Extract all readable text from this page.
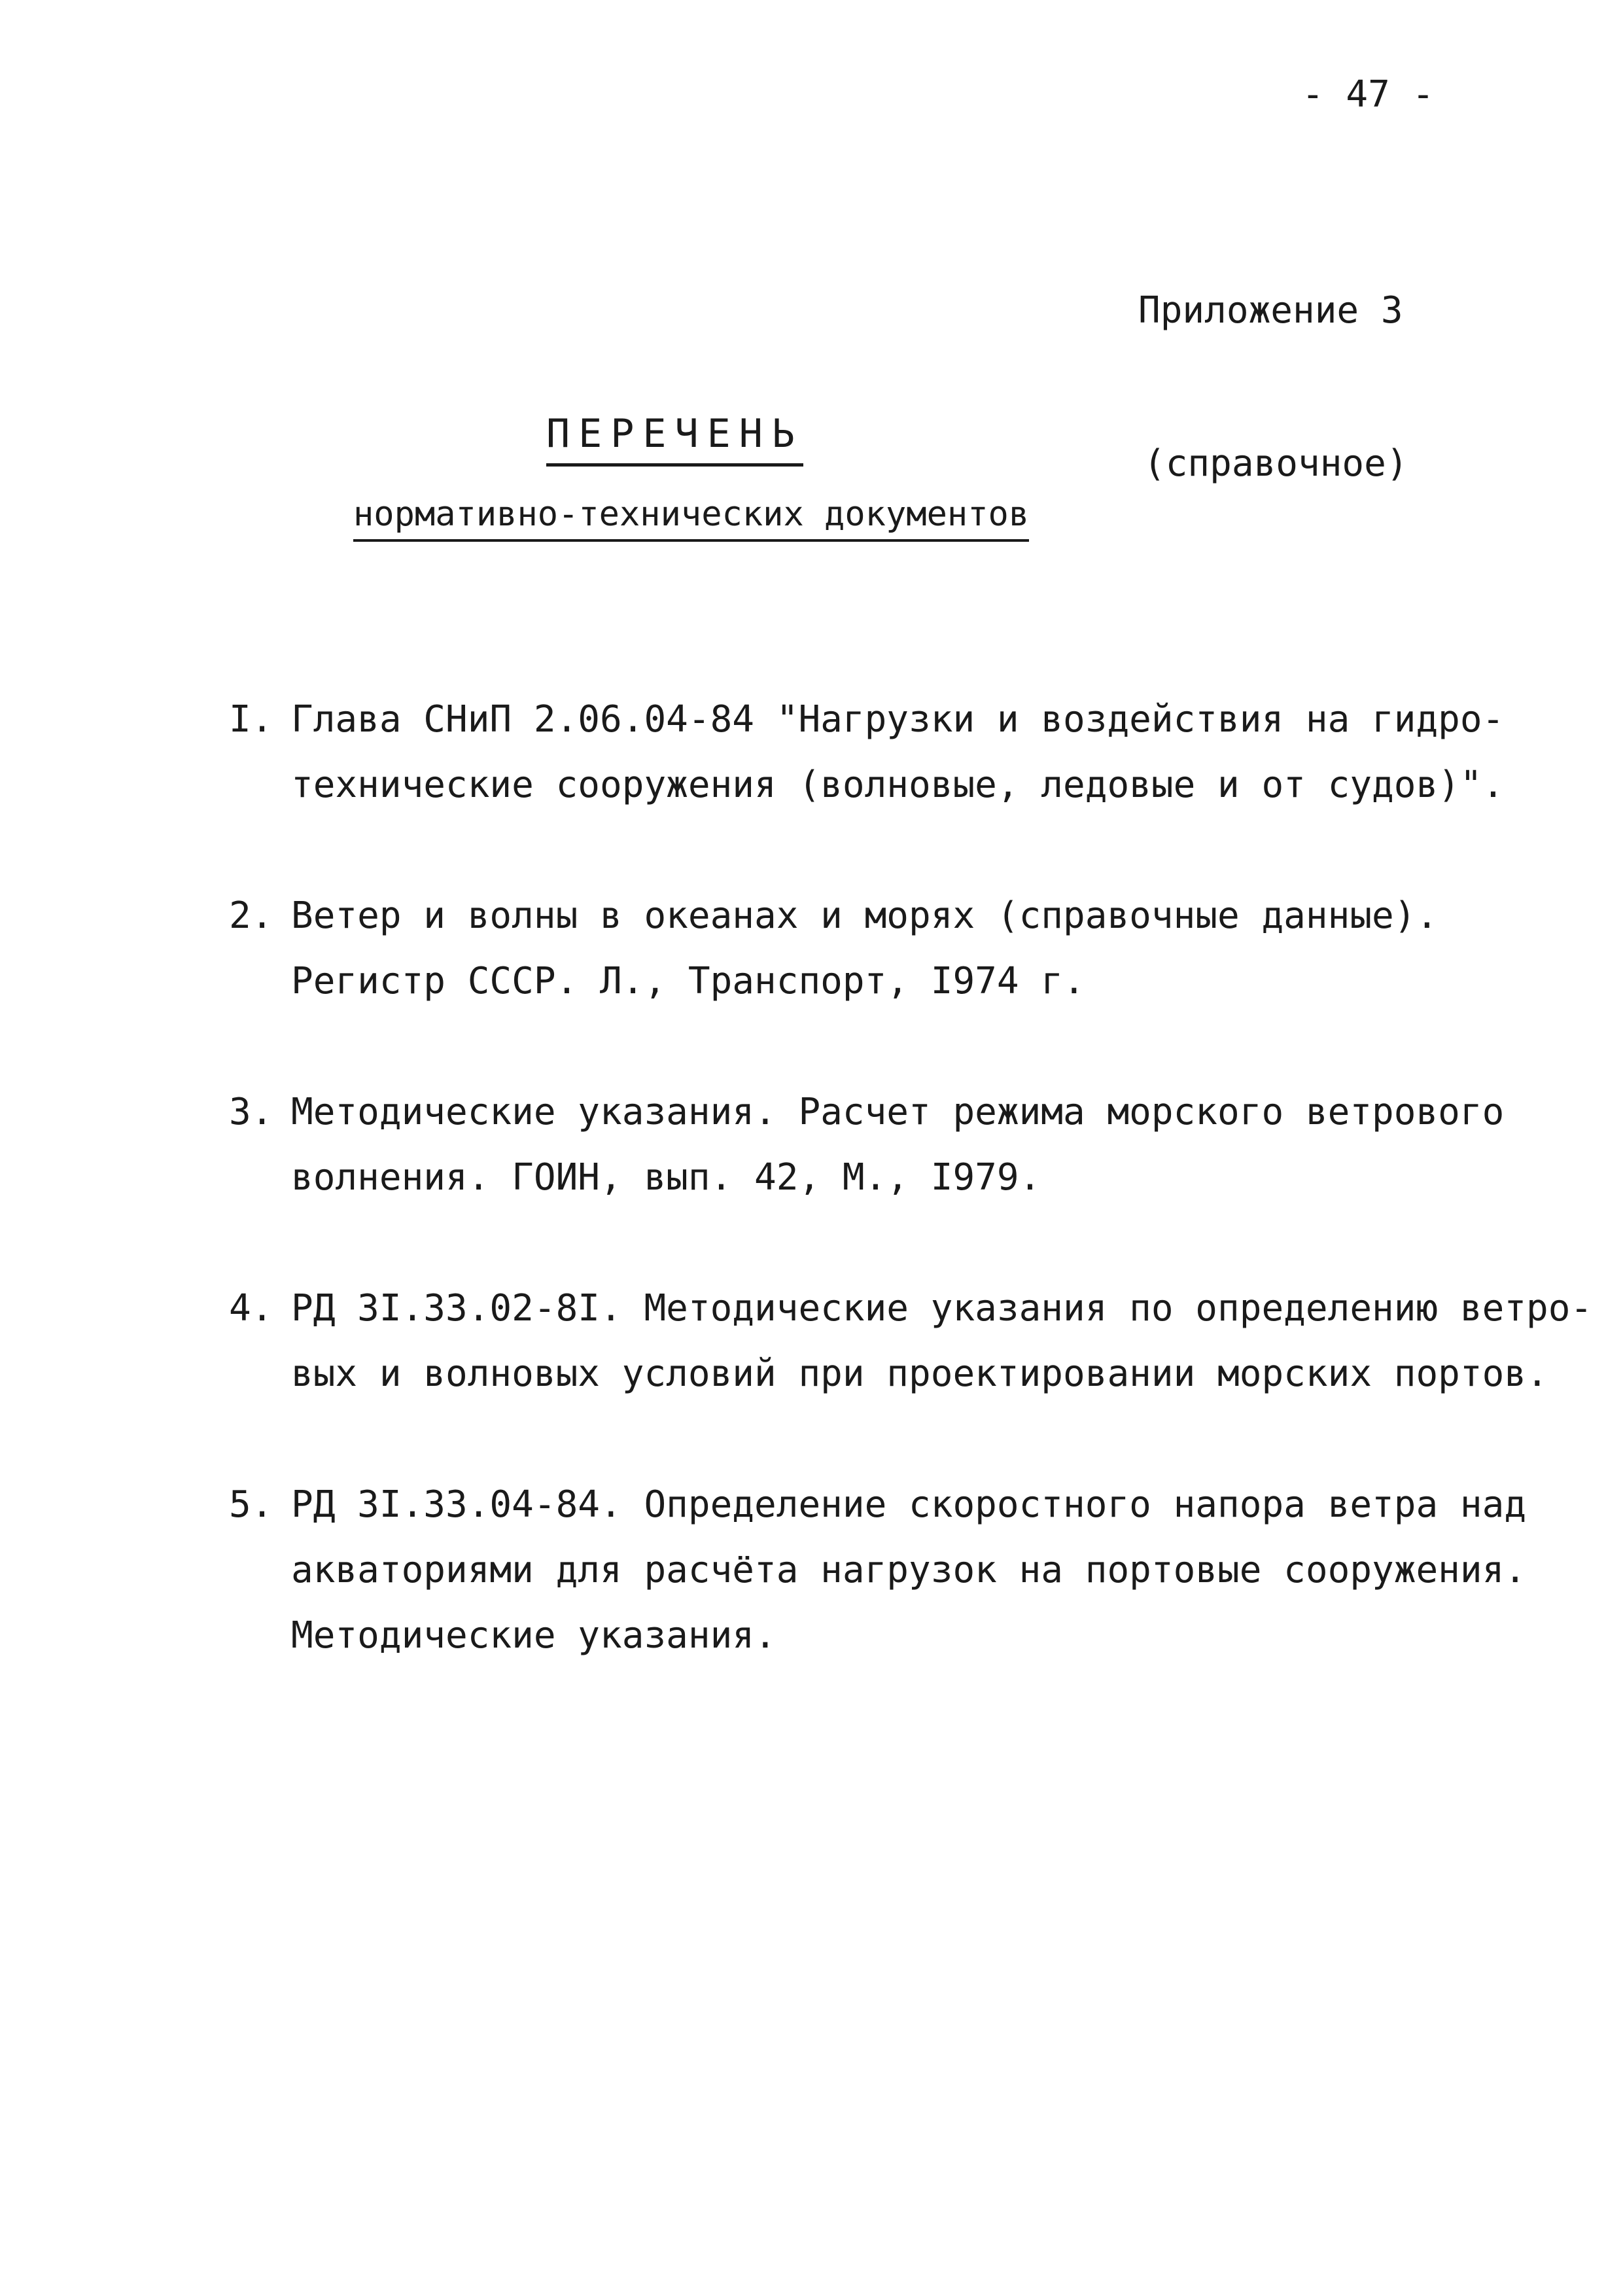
- 47 -

Приложение 3

(справочное)

ПЕРЕЧЕНЬ
нормативно-технических документов
I. Глава СНиП 2.06.04-84 "Нагрузки и воздействия на гидро-
технические сооружения (волновые, ледовые и от судов)".
2. Ветер и волны в океанах и морях (справочные данные).
Регистр СССР. Л., Транспорт, I974 г.
3. Методические указания. Расчет режима морского ветрового
волнения. ГОИН, вып. 42, М., I979.
4. РД 3I.33.02-8I. Методические указания по определению ветро-
вых и волновых условий при проектировании морских портов.
5. РД 3I.33.04-84. Определение скоростного напора ветра над
акваториями для расчёта нагрузок на портовые сооружения.
Методические указания.
